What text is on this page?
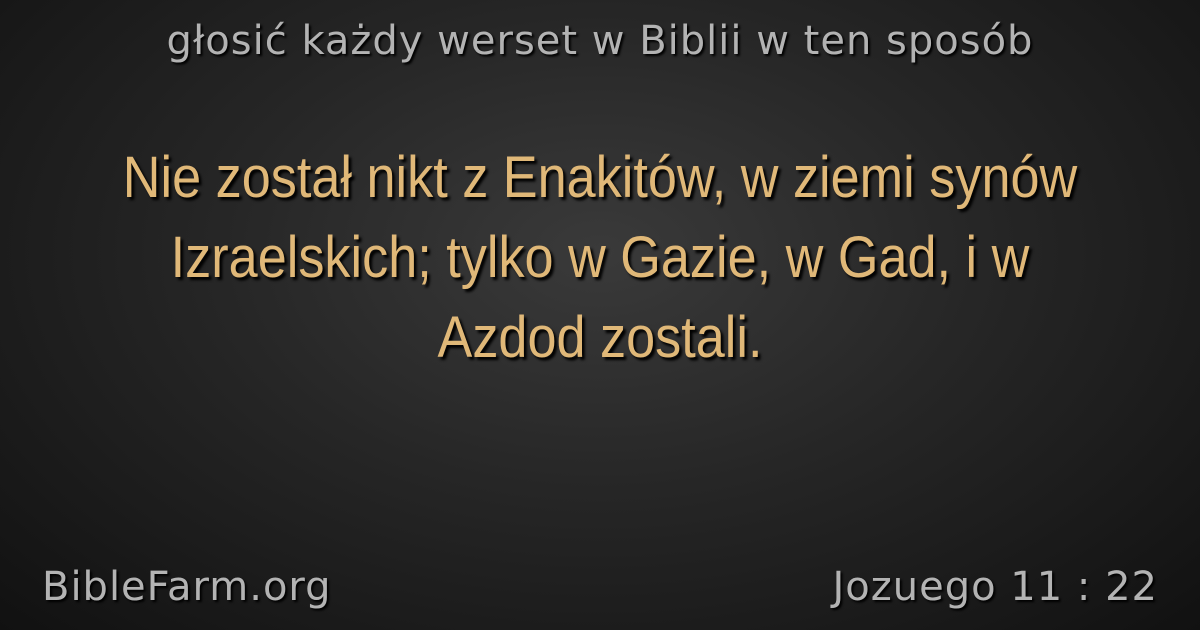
głosić każdy werset w Biblii w ten sposób
Nie został nikt z Enakitów, w ziemi synów Izraelskich; tylko w Gazie, w Gad, i w Azdod zostali.
BibleFarm.org	Jozuego 11 : 22
